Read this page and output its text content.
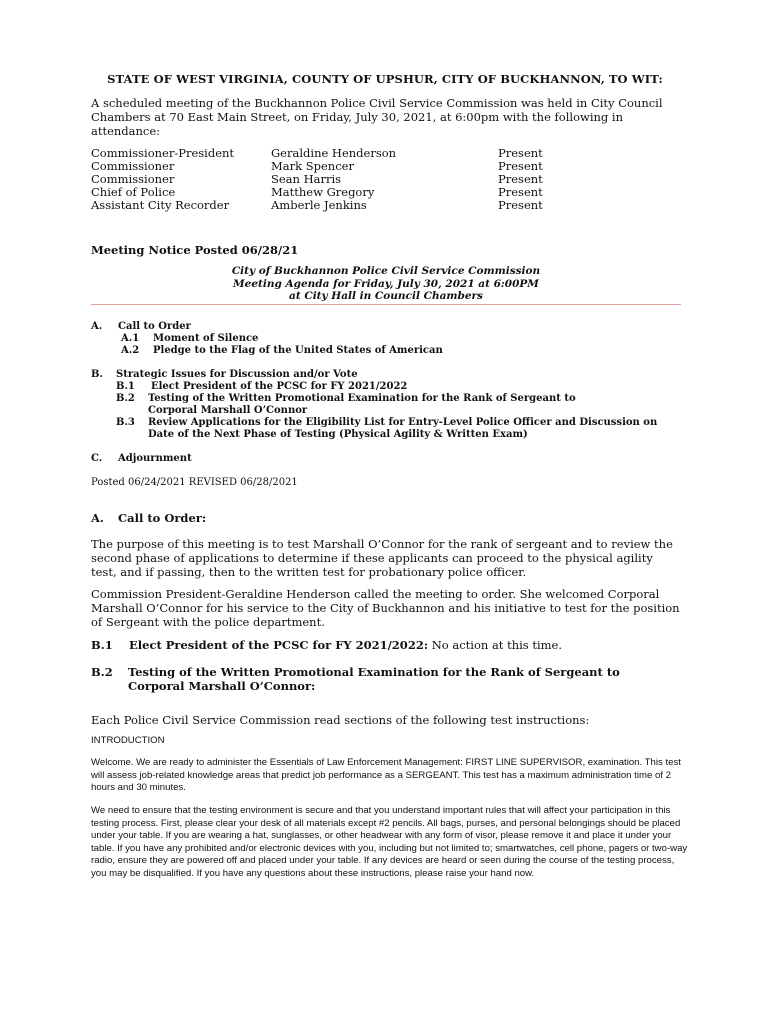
STATE OF WEST VIRGINIA, COUNTY OF UPSHUR, CITY OF BUCKHANNON, TO WIT:
A scheduled meeting of the Buckhannon Police Civil Service Commission was held in City Council Chambers at 70 East Main Street, on Friday, July 30, 2021, at 6:00pm with the following in attendance:
Commissioner-President	Geraldine Henderson	Present
Commissioner	Mark Spencer	Present
Commissioner	Sean Harris	Present
Chief of Police	Matthew Gregory	Present
Assistant City Recorder	Amberle Jenkins	Present
Meeting Notice Posted 06/28/21
City of Buckhannon Police Civil Service Commission
Meeting Agenda for Friday, July 30, 2021 at 6:00PM
at City Hall in Council Chambers
A. Call to Order
A.1 Moment of Silence
A.2 Pledge to the Flag of the United States of American
B. Strategic Issues for Discussion and/or Vote
B.1 Elect President of the PCSC for FY 2021/2022
B.2 Testing of the Written Promotional Examination for the Rank of Sergeant to
Corporal Marshall O’Connor
B.3 Review Applications for the Eligibility List for Entry-Level Police Officer and Discussion on
Date of the Next Phase of Testing (Physical Agility & Written Exam)
C. Adjournment
Posted 06/24/2021 REVISED 06/28/2021
A. Call to Order:
The purpose of this meeting is to test Marshall O’Connor for the rank of sergeant and to review the second phase of applications to determine if these applicants can proceed to the physical agility test, and if passing, then to the written test for probationary police officer.
Commission President-Geraldine Henderson called the meeting to order. She welcomed Corporal Marshall O’Connor for his service to the City of Buckhannon and his initiative to test for the position of Sergeant with the police department.
B.1 Elect President of the PCSC for FY 2021/2022: No action at this time.
B.2 Testing of the Written Promotional Examination for the Rank of Sergeant to
Corporal Marshall O’Connor:
Each Police Civil Service Commission read sections of the following test instructions:
INTRODUCTION
Welcome. We are ready to administer the Essentials of Law Enforcement Management: FIRST LINE SUPERVISOR, examination. This test will assess job-related knowledge areas that predict job performance as a SERGEANT. This test has a maximum administration time of 2 hours and 30 minutes.
We need to ensure that the testing environment is secure and that you understand important rules that will affect your participation in this testing process. First, please clear your desk of all materials except #2 pencils. All bags, purses, and personal belongings should be placed under your table. If you are wearing a hat, sunglasses, or other headwear with any form of visor, please remove it and place it under your table. If you have any prohibited and/or electronic devices with you, including but not limited to; smartwatches, cell phone, pagers or two-way radio, ensure they are powered off and placed under your table. If any devices are heard or seen during the course of the testing process, you may be disqualified. If you have any questions about these instructions, please raise your hand now.
